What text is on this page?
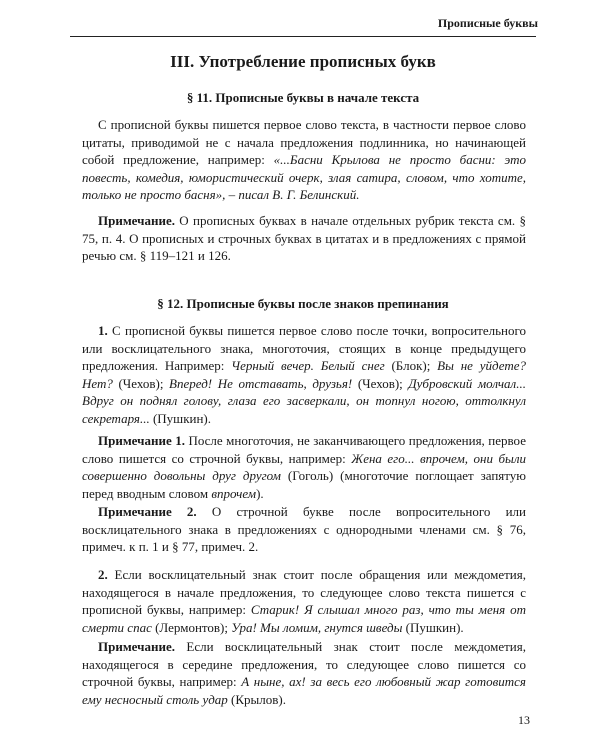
Прописные буквы
III. Употребление прописных букв
§ 11. Прописные буквы в начале текста

С прописной буквы пишется первое слово текста, в частности первое слово цитаты, приводимой не с начала предложения подлинника, но начинающей собой предложение, например: «...Басни Крылова не просто басни: это повесть, комедия, юмористический очерк, злая сатира, словом, что хотите, только не просто басня», – писал В. Г. Белинский.

Примечание. О прописных буквах в начале отдельных рубрик текста см. § 75, п. 4. О прописных и строчных буквах в цитатах и в предложениях с прямой речью см. § 119–121 и 126.

§ 12. Прописные буквы после знаков препинания

1. С прописной буквы пишется первое слово после точки, вопросительного или восклицательного знака, многоточия, стоящих в конце предыдущего предложения. Например: Черный вечер. Белый снег (Блок); Вы не уйдете? Нет? (Чехов); Вперед! Не отставать, друзья! (Чехов); Дубровский молчал... Вдруг он поднял голову, глаза его засверкали, он топнул ногою, оттолкнул секретаря... (Пушкин).

Примечание 1. После многоточия, не заканчивающего предложения, первое слово пишется со строчной буквы, например: Жена его... впрочем, они были совершенно довольны друг другом (Гоголь) (многоточие поглощает запятую перед вводным словом впрочем).

Примечание 2. О строчной букве после вопросительного или восклицательного знака в предложениях с однородными членами см. § 76, примеч. к п. 1 и § 77, примеч. 2.

2. Если восклицательный знак стоит после обращения или междометия, находящегося в начале предложения, то следующее слово текста пишется с прописной буквы, например: Старик! Я слышал много раз, что ты меня от смерти спас (Лермонтов); Ура! Мы ломим, гнутся шведы (Пушкин).

Примечание. Если восклицательный знак стоит после междометия, находящегося в середине предложения, то следующее слово пишется со строчной буквы, например: А ныне, ах! за весь его любовный жар готовится ему несносный столь удар (Крылов).

13
